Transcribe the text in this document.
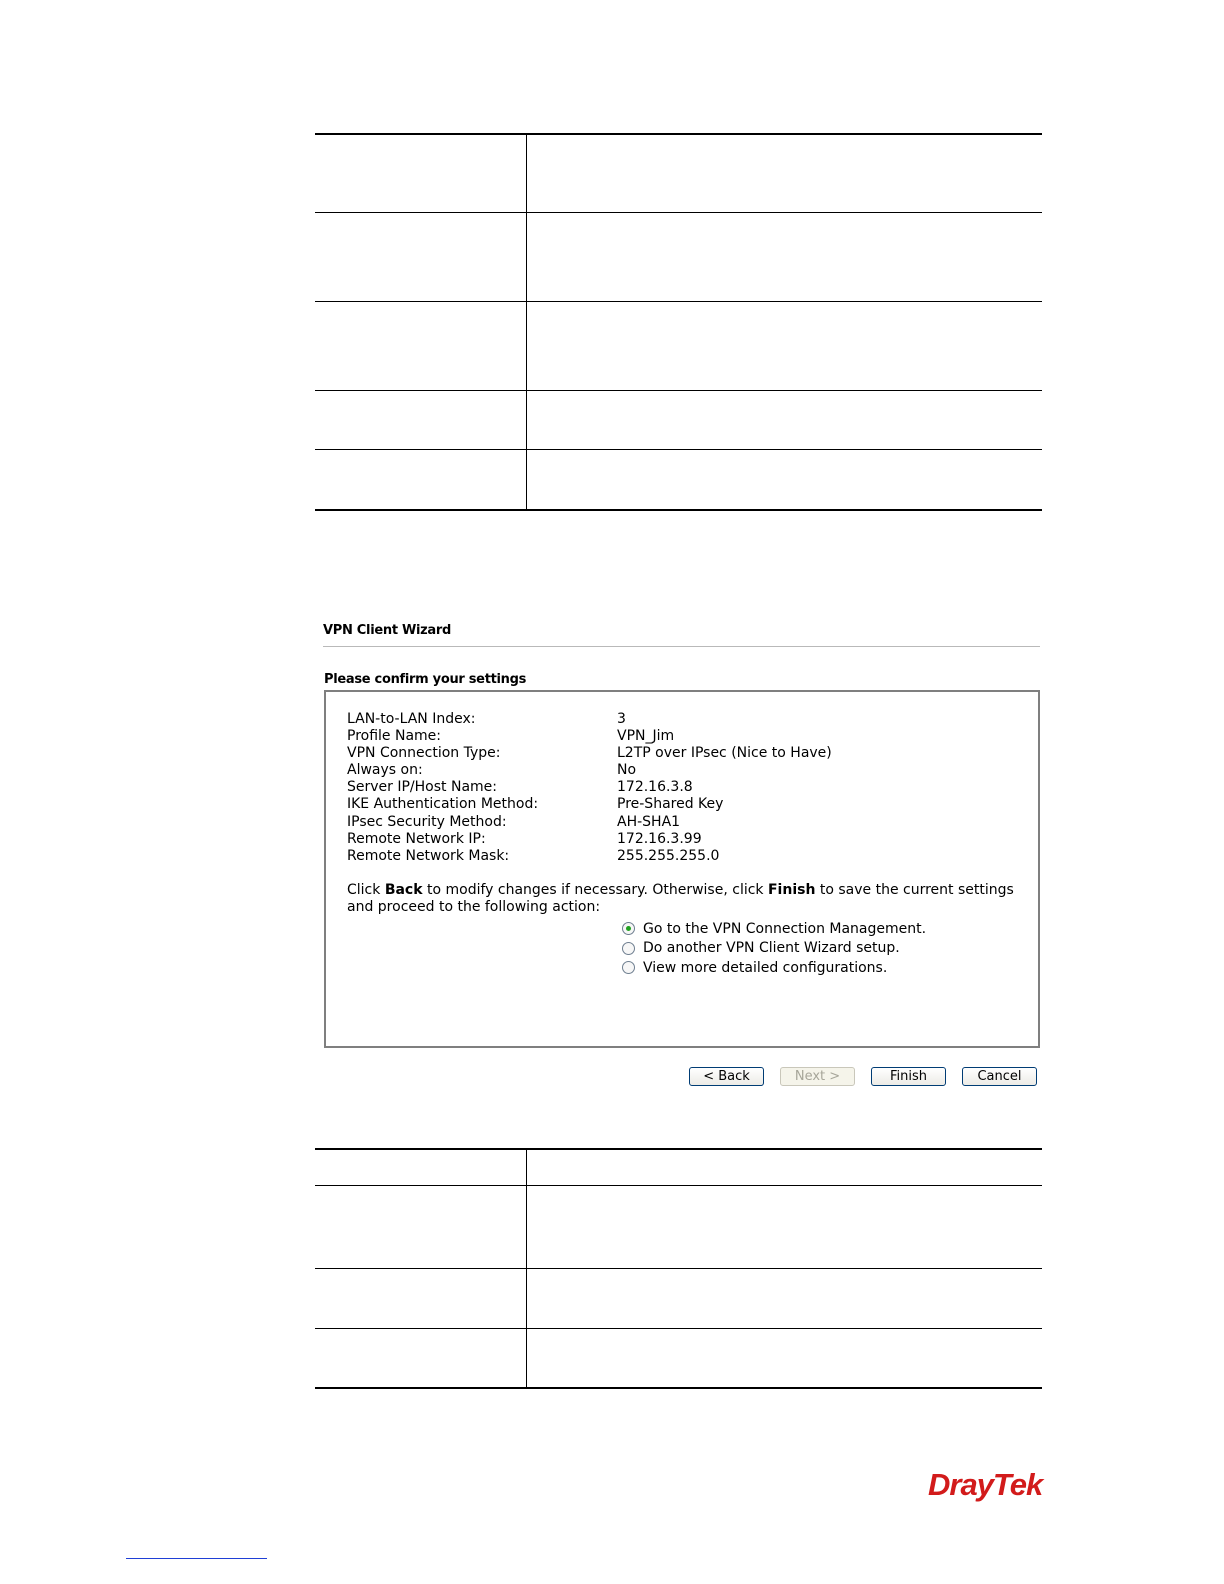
VPN Client Wizard
Please confirm your settings
LAN-to-LAN Index:	3
Profile Name:	VPN_Jim
VPN Connection Type:	L2TP over IPsec (Nice to Have)
Always on:	No
Server IP/Host Name:	172.16.3.8
IKE Authentication Method:	Pre-Shared Key
IPsec Security Method:	AH-SHA1
Remote Network IP:	172.16.3.99
Remote Network Mask:	255.255.255.0
Click Back to modify changes if necessary. Otherwise, click Finish to save the current settings and proceed to the following action:
Go to the VPN Connection Management.
Do another VPN Client Wizard setup.
View more detailed configurations.
< Back	Next >	Finish	Cancel
DrayTek
